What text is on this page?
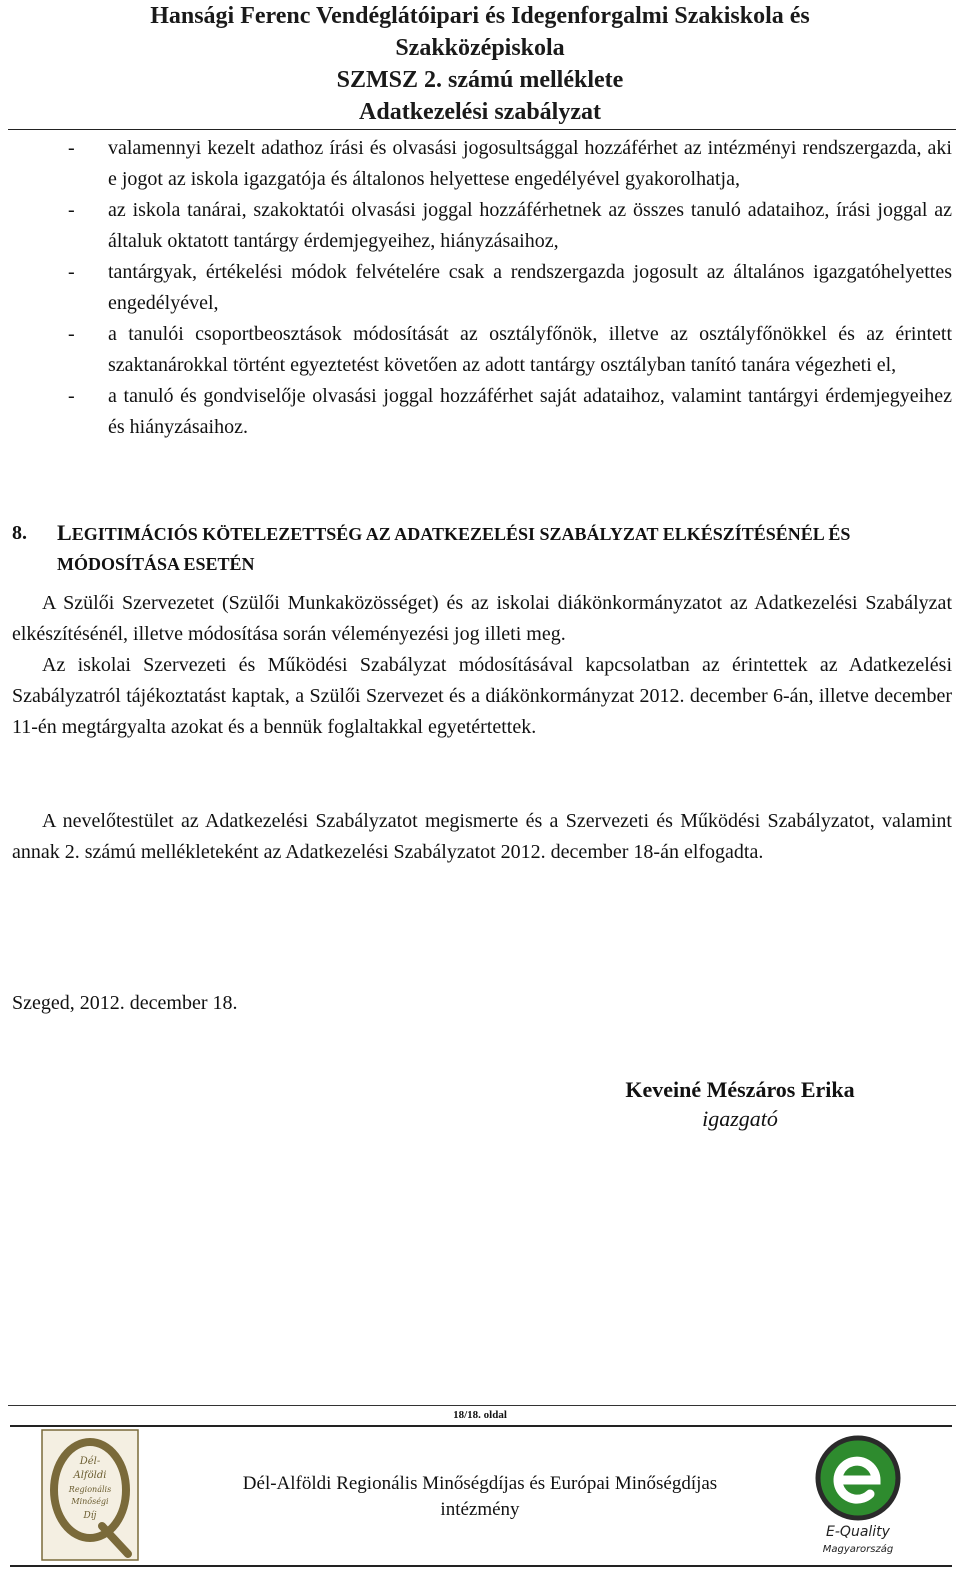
Hansági Ferenc Vendéglátóipari és Idegenforgalmi Szakiskola és
Szakközépiskola
SZMSZ 2. számú melléklete
Adatkezelési szabályzat
- valamennyi kezelt adathoz írási és olvasási jogosultsággal hozzáférhet az intézményi rendszergazda, aki e jogot az iskola igazgatója és általonos helyettese engedélyével gyakorolhatja,
- az iskola tanárai, szakoktatói olvasási joggal hozzáférhetnek az összes tanuló adataihoz, írási joggal az általuk oktatott tantárgy érdemjegyeihez, hiányzásaihoz,
- tantárgyak, értékelési módok felvételére csak a rendszergazda jogosult az általános igazgatóhelyettes engedélyével,
- a tanulói csoportbeosztások módosítását az osztályfőnök, illetve az osztályfőnökkel és az érintett szaktanárokkal történt egyeztetést követően az adott tantárgy osztályban tanító tanára végezheti el,
- a tanuló és gondviselője olvasási joggal hozzáférhet saját adataihoz, valamint tantárgyi érdemjegyeihez és hiányzásaihoz.
8.	LEGITIMÁCIÓS KÖTELEZETTSÉG AZ ADATKEZELÉSI SZABÁLYZAT ELKÉSZÍTÉSÉNÉL ÉS MÓDOSÍTÁSA ESETÉN

A Szülői Szervezetet (Szülői Munkaközösséget) és az iskolai diákönkormányzatot az Adatkezelési Szabályzat elkészítésénél, illetve módosítása során véleményezési jog illeti meg.

Az iskolai Szervezeti és Működési Szabályzat módosításával kapcsolatban az érintettek az Adatkezelési Szabályzatról tájékoztatást kaptak, a Szülői Szervezet és a diákönkormányzat 2012. december 6-án, illetve december 11-én megtárgyalta azokat és a bennük foglaltakkal egyetértettek.

A nevelőtestület az Adatkezelési Szabályzatot megismerte és a Szervezeti és Működési Szabályzatot, valamint annak 2. számú mellékleteként az Adatkezelési Szabályzatot 2012. december 18-án elfogadta.

Szeged, 2012. december 18.

Keveiné Mészáros Erika
igazgató
18/18. oldal
Dél-
Alföldi
Regionális
Minőségi
Díj
Dél-Alföldi Regionális Minőségdíjas és Európai Minőségdíjas
intézmény
E-Quality
Magyarország
